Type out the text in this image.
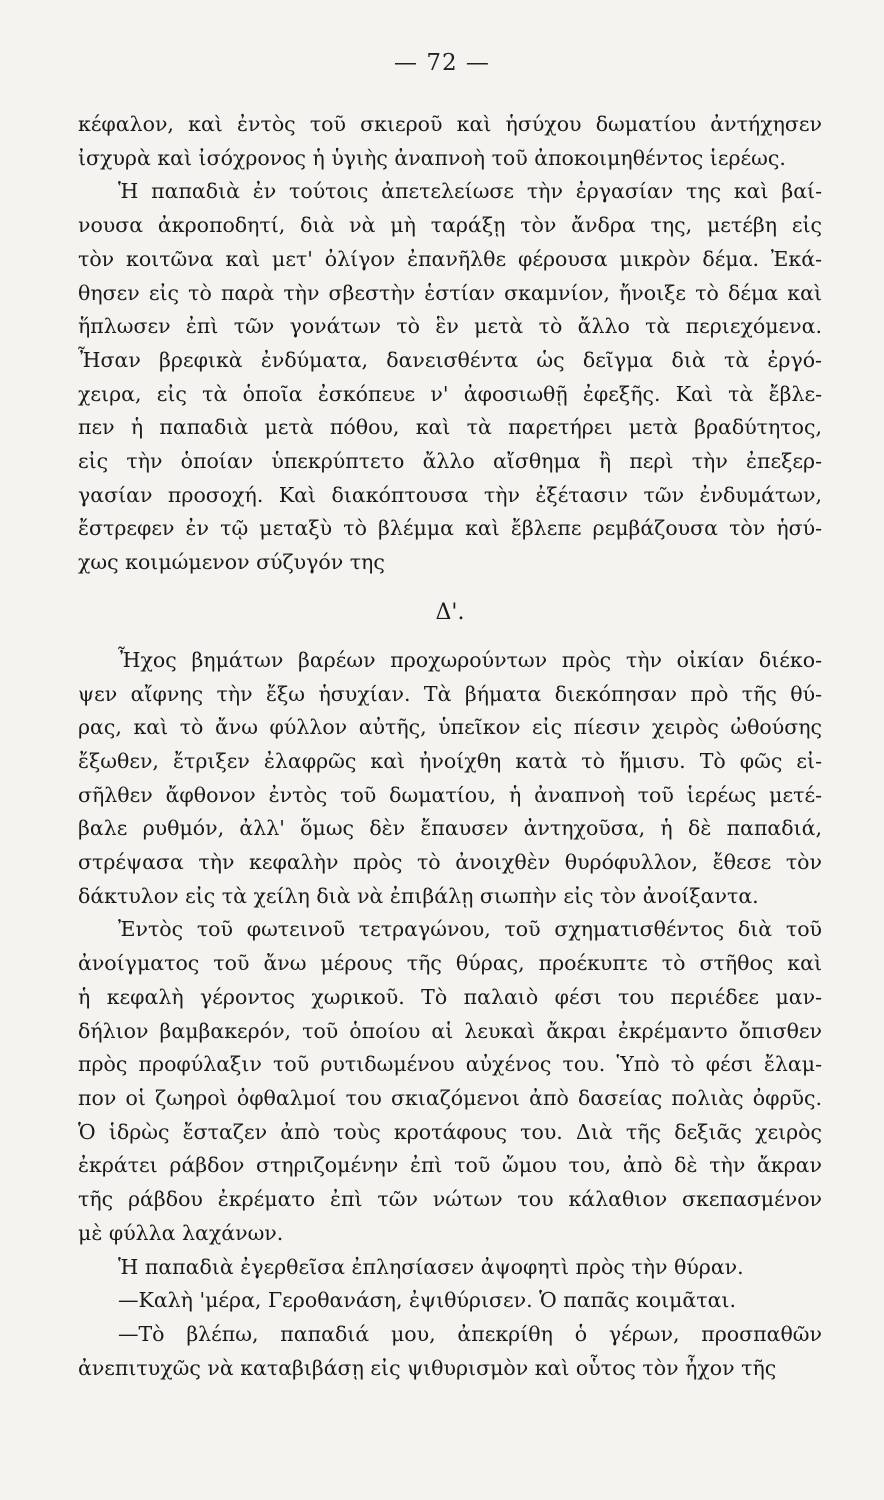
— 72 —
κέφαλον, καὶ ἐντὸς τοῦ σκιεροῦ καὶ ἡσύχου δωματίου ἀντήχησεν
ἰσχυρὰ καὶ ἰσόχρονος ἡ ὑγιὴς ἀναπνοὴ τοῦ ἀποκοιμηθέντος ἱερέως.
Ἡ παπαδιὰ ἐν τούτοις ἀπετελείωσε τὴν ἐργασίαν της καὶ βαί-
νουσα ἀκροποδητί, διὰ νὰ μὴ ταράξῃ τὸν ἄνδρα της, μετέβη εἰς
τὸν κοιτῶνα καὶ μετ' ὀλίγον ἐπανῆλθε φέρουσα μικρὸν δέμα. Ἐκά-
θησεν εἰς τὸ παρὰ τὴν σβεστὴν ἑστίαν σκαμνίον, ἤνοιξε τὸ δέμα καὶ
ἥπλωσεν ἐπὶ τῶν γονάτων τὸ ἓν μετὰ τὸ ἄλλο τὰ περιεχόμενα.
Ἦσαν βρεφικὰ ἐνδύματα, δανεισθέντα ὡς δεῖγμα διὰ τὰ ἐργό-
χειρα, εἰς τὰ ὁποῖα ἐσκόπευε ν' ἀφοσιωθῇ ἐφεξῆς. Καὶ τὰ ἔβλε-
πεν ἡ παπαδιὰ μετὰ πόθου, καὶ τὰ παρετήρει μετὰ βραδύτητος,
εἰς τὴν ὁποίαν ὑπεκρύπτετο ἄλλο αἴσθημα ἢ περὶ τὴν ἐπεξερ-
γασίαν προσοχή. Καὶ διακόπτουσα τὴν ἐξέτασιν τῶν ἐνδυμάτων,
ἔστρεφεν ἐν τῷ μεταξὺ τὸ βλέμμα καὶ ἔβλεπε ρεμβάζουσα τὸν ἡσύ-
χως κοιμώμενον σύζυγόν της
Δ'.
Ἦχος βημάτων βαρέων προχωρούντων πρὸς τὴν οἰκίαν διέκο-
ψεν αἴφνης τὴν ἔξω ἡσυχίαν. Τὰ βήματα διεκόπησαν πρὸ τῆς θύ-
ρας, καὶ τὸ ἄνω φύλλον αὐτῆς, ὑπεῖκον εἰς πίεσιν χειρὸς ὠθούσης
ἔξωθεν, ἔτριξεν ἐλαφρῶς καὶ ἠνοίχθη κατὰ τὸ ἥμισυ. Τὸ φῶς εἰ-
σῆλθεν ἄφθονον ἐντὸς τοῦ δωματίου, ἡ ἀναπνοὴ τοῦ ἱερέως μετέ-
βαλε ρυθμόν, ἀλλ' ὅμως δὲν ἔπαυσεν ἀντηχοῦσα, ἡ δὲ παπαδιά,
στρέψασα τὴν κεφαλὴν πρὸς τὸ ἀνοιχθὲν θυρόφυλλον, ἔθεσε τὸν
δάκτυλον εἰς τὰ χείλη διὰ νὰ ἐπιβάλῃ σιωπὴν εἰς τὸν ἀνοίξαντα.
Ἐντὸς τοῦ φωτεινοῦ τετραγώνου, τοῦ σχηματισθέντος διὰ τοῦ
ἀνοίγματος τοῦ ἄνω μέρους τῆς θύρας, προέκυπτε τὸ στῆθος καὶ
ἡ κεφαλὴ γέροντος χωρικοῦ. Τὸ παλαιὸ φέσι του περιέδεε μαν-
δήλιον βαμβακερόν, τοῦ ὁποίου αἱ λευκαὶ ἄκραι ἐκρέμαντο ὄπισθεν
πρὸς προφύλαξιν τοῦ ρυτιδωμένου αὐχένος του. Ὑπὸ τὸ φέσι ἔλαμ-
πον οἱ ζωηροὶ ὀφθαλμοί του σκιαζόμενοι ἀπὸ δασείας πολιὰς ὀφρῦς.
Ὁ ἱδρὼς ἔσταζεν ἀπὸ τοὺς κροτάφους του. Διὰ τῆς δεξιᾶς χειρὸς
ἐκράτει ράβδον στηριζομένην ἐπὶ τοῦ ὤμου του, ἀπὸ δὲ τὴν ἄκραν
τῆς ράβδου ἐκρέματο ἐπὶ τῶν νώτων του κάλαθιον σκεπασμένον
μὲ φύλλα λαχάνων.
Ἡ παπαδιὰ ἐγερθεῖσα ἐπλησίασεν ἀψοφητὶ πρὸς τὴν θύραν.
—Καλὴ 'μέρα, Γεροθανάση, ἐψιθύρισεν. Ὁ παπᾶς κοιμᾶται.
—Τὸ βλέπω, παπαδιά μου, ἀπεκρίθη ὁ γέρων, προσπαθῶν
ἀνεπιτυχῶς νὰ καταβιβάσῃ εἰς ψιθυρισμὸν καὶ οὗτος τὸν ἦχον τῆς
